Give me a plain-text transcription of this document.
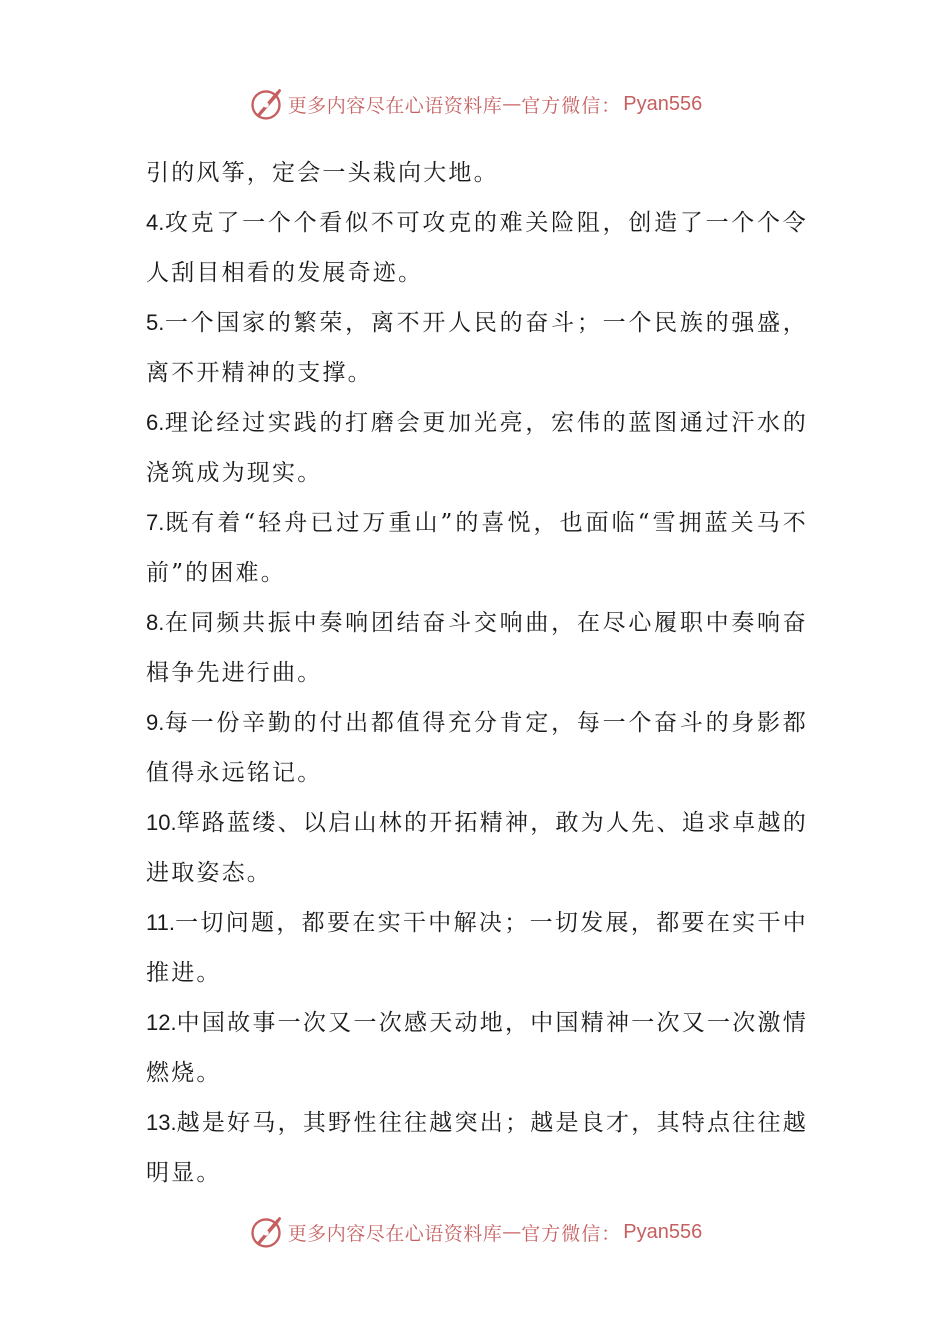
更多内容尽在心语资料库 — 官方微信： Pyan556

引的风筝，定会一头栽向大地。

4.攻克了一个个看似不可攻克的难关险阻，创造了一个个令人刮目相看的发展奇迹。

5.一个国家的繁荣，离不开人民的奋斗；一个民族的强盛，离不开精神的支撑。

6.理论经过实践的打磨会更加光亮，宏伟的蓝图通过汗水的浇筑成为现实。

7.既有着“轻舟已过万重山”的喜悦，也面临“雪拥蓝关马不前”的困难。

8.在同频共振中奏响团结奋斗交响曲，在尽心履职中奏响奋楫争先进行曲。

9.每一份辛勤的付出都值得充分肯定，每一个奋斗的身影都值得永远铭记。

10.筚路蓝缕、以启山林的开拓精神，敢为人先、追求卓越的进取姿态。

11.一切问题，都要在实干中解决；一切发展，都要在实干中推进。

12.中国故事一次又一次感天动地，中国精神一次又一次激情燃烧。

13.越是好马，其野性往往越突出；越是良才，其特点往往越明显。

更多内容尽在心语资料库 — 官方微信： Pyan556
